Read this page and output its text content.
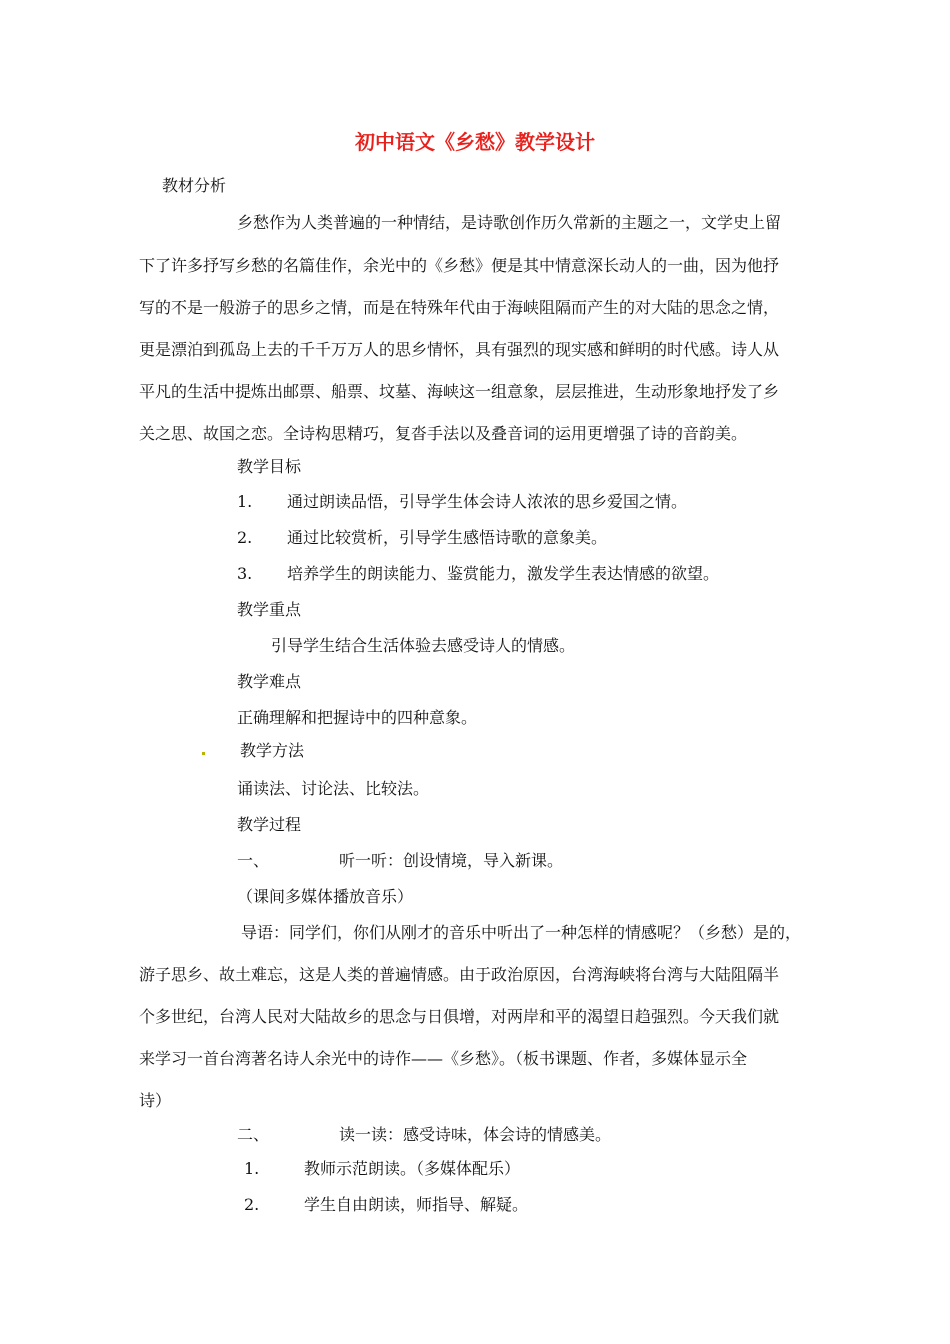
初中语文《乡愁》教学设计
教材分析
乡愁作为人类普遍的一种情结，是诗歌创作历久常新的主题之一，文学史上留
下了许多抒写乡愁的名篇佳作，余光中的《乡愁》便是其中情意深长动人的一曲，因为他抒
写的不是一般游子的思乡之情，而是在特殊年代由于海峡阻隔而产生的对大陆的思念之情，
更是漂泊到孤岛上去的千千万万人的思乡情怀，具有强烈的现实感和鲜明的时代感。诗人从
平凡的生活中提炼出邮票、船票、坟墓、海峡这一组意象，层层推进，生动形象地抒发了乡
关之思、故国之恋。全诗构思精巧，复沓手法以及叠音词的运用更增强了诗的音韵美。
教学目标
1. 通过朗读品悟，引导学生体会诗人浓浓的思乡爱国之情。
2. 通过比较赏析，引导学生感悟诗歌的意象美。
3. 培养学生的朗读能力、鉴赏能力，激发学生表达情感的欲望。
教学重点
引导学生结合生活体验去感受诗人的情感。
教学难点
正确理解和把握诗中的四种意象。
教学方法
诵读法、讨论法、比较法。
教学过程
一、	听一听：创设情境，导入新课。
（课间多媒体播放音乐）
导语：同学们，你们从刚才的音乐中听出了一种怎样的情感呢？（乡愁）是的，
游子思乡、故土难忘，这是人类的普遍情感。由于政治原因，台湾海峡将台湾与大陆阻隔半
个多世纪，台湾人民对大陆故乡的思念与日俱增，对两岸和平的渴望日趋强烈。今天我们就
来学习一首台湾著名诗人余光中的诗作——《乡愁》。（板书课题、作者，多媒体显示全
诗）
二、	读一读：感受诗味，体会诗的情感美。
1.	教师示范朗读。（多媒体配乐）
2.	学生自由朗读，师指导、解疑。
